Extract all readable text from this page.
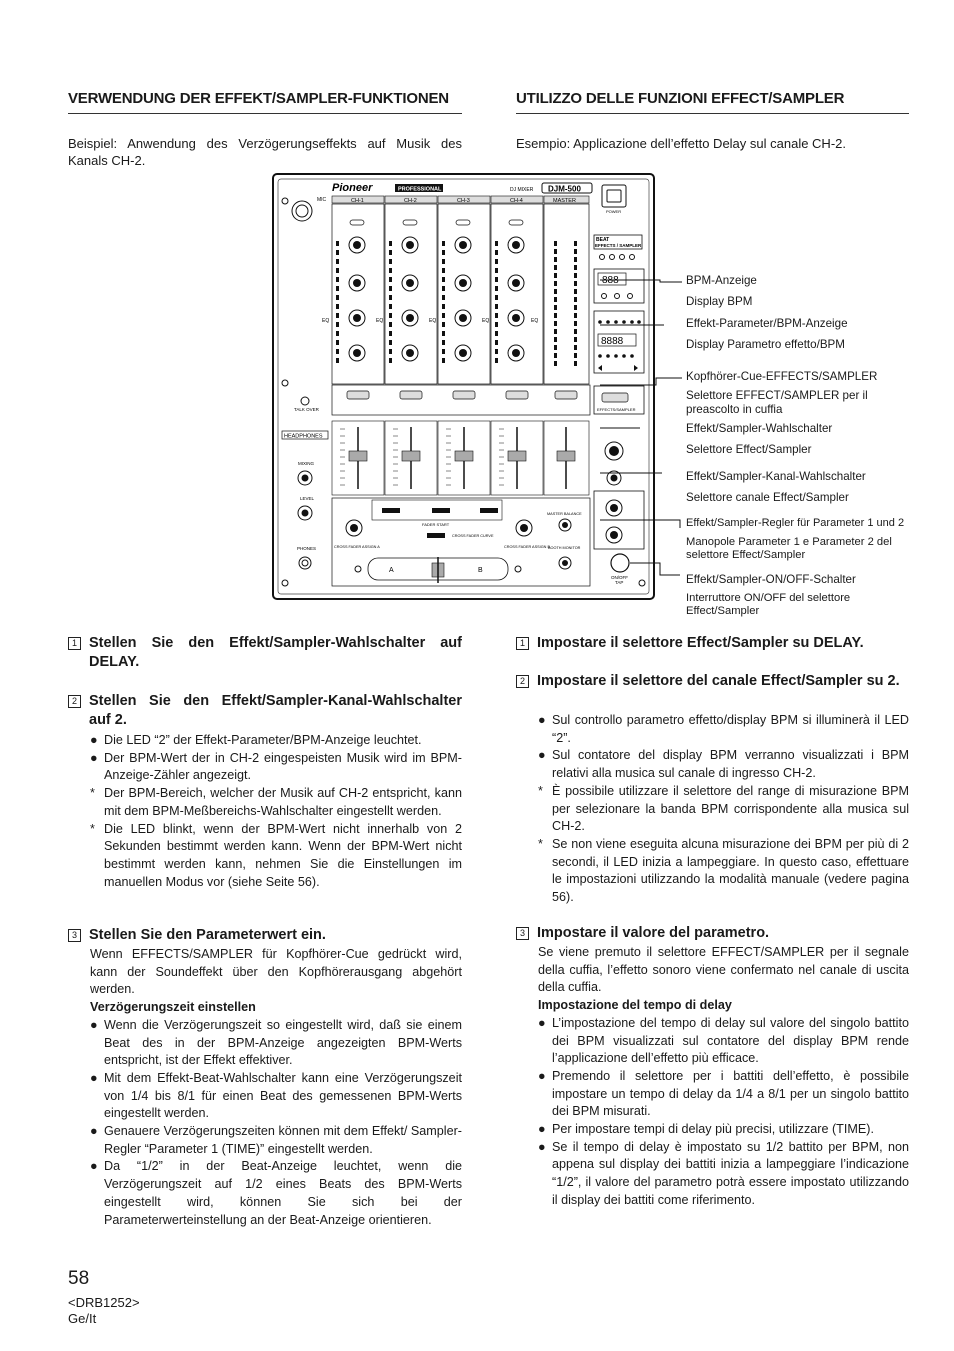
VERWENDUNG DER EFFEKT/SAMPLER-FUNKTIONEN
Beispiel: Anwendung des Verzögerungseffekts auf Musik des Kanals CH-2.
UTILIZZO DELLE FUNZIONI EFFECT/SAMPLER
Esempio: Applicazione dell’effetto Delay sul canale CH-2.
Pioneer	PROFESSIONAL	DJ MIXER DJM-500
POWER
MIC	CH-1	CH-2	CH-3	CH-4	MASTER
EQ	EQ	EQ	EQ	EQ
BEAT
EFFECTS / SAMPLER
888
8888
EFFECTS/SAMPLER
ON/OFF
TAP
TALK OVER
HEADPHONES
MIXING
LEVEL
PHONES	CROSS FADER ASSIGN A	CROSS FADER ASSIGN B
FADER START
CROSS FADER CURVE
A	B
MASTER BALANCE
BOOTH MONITOR
BPM-Anzeige
Display BPM
Effekt-Parameter/BPM-Anzeige
Display Parametro effetto/BPM
Kopfhörer-Cue-EFFECTS/SAMPLER
Selettore EFFECT/SAMPLER per il preascolto in cuffia
Effekt/Sampler-Wahlschalter
Selettore Effect/Sampler
Effekt/Sampler-Kanal-Wahlschalter
Selettore canale Effect/Sampler
Effekt/Sampler-Regler für Parameter 1 und 2
Manopole Parameter 1 e Parameter 2 del selettore Effect/Sampler
Effekt/Sampler-ON/OFF-Schalter
Interruttore ON/OFF del selettore Effect/Sampler
1 Stellen Sie den Effekt/Sampler-Wahlschalter auf DELAY.
2 Stellen Sie den Effekt/Sampler-Kanal-Wahlschalter auf 2.
● Die LED “2” der Effekt-Parameter/BPM-Anzeige leuchtet.
● Der BPM-Wert der in CH-2 eingespeisten Musik wird im BPM-Anzeige-Zähler angezeigt.
* Der BPM-Bereich, welcher der Musik auf CH-2 entspricht, kann mit dem BPM-Meßbereichs-Wahlschalter eingestellt werden.
* Die LED blinkt, wenn der BPM-Wert nicht innerhalb von 2 Sekunden bestimmt werden kann. Wenn der BPM-Wert nicht bestimmt werden kann, nehmen Sie die Einstellungen im manuellen Modus vor (siehe Seite 56).
3 Stellen Sie den Parameterwert ein.

Wenn EFFECTS/SAMPLER für Kopfhörer-Cue gedrückt wird, kann der Soundeffekt über den Kopfhörerausgang abgehört werden.

Verzögerungszeit einstellen

● Wenn die Verzögerungszeit so eingestellt wird, daß sie einem Beat des in der BPM-Anzeige angezeigten BPM-Werts entspricht, ist der Effekt effektiver.
● Mit dem Effekt-Beat-Wahlschalter kann eine Verzögerungszeit von 1/4 bis 8/1 für einen Beat des gemessenen BPM-Werts eingestellt werden.
● Genauere Verzögerungszeiten können mit dem Effekt/ Sampler-Regler “Parameter 1 (TIME)” eingestellt werden.
● Da “1/2” in der Beat-Anzeige leuchtet, wenn die Verzögerungszeit auf 1/2 eines Beats des BPM-Werts eingestellt wird, können Sie sich bei der Parameterwerteinstellung an der Beat-Anzeige orientieren.
1 Impostare il selettore Effect/Sampler su DELAY.
2 Impostare il selettore del canale Effect/Sampler su 2.
● Sul controllo parametro effetto/display BPM si illuminerà il LED “2”.
● Sul contatore del display BPM verranno visualizzati i BPM relativi alla musica sul canale di ingresso CH-2.
* È possibile utilizzare il selettore del range di misurazione BPM per selezionare la banda BPM corrispondente alla musica sul CH-2.
* Se non viene eseguita alcuna misurazione dei BPM per più di 2 secondi, il LED inizia a lampeggiare. In questo caso, effettuare le impostazioni utilizzando la modalità manuale (vedere pagina 56).
3 Impostare il valore del parametro.

Se viene premuto il selettore EFFECT/SAMPLER per il segnale della cuffia, l’effetto sonoro viene confermato nel canale di uscita della cuffia.

Impostazione del tempo di delay

● L’impostazione del tempo di delay sul valore del singolo battito dei BPM visualizzati sul contatore del display BPM rende l’applicazione dell’effetto più efficace.
● Premendo il selettore per i battiti dell’effetto, è possibile impostare un tempo di delay da 1/4 a 8/1 per un singolo battito dei BPM misurati.
● Per impostare tempi di delay più precisi, utilizzare (TIME).
● Se il tempo di delay è impostato su 1/2 battito per BPM, non appena sul display dei battiti inizia a lampeggiare l’indicazione “1/2”, il valore del parametro potrà essere impostato utilizzando il display dei battiti come riferimento.
58
<DRB1252>
Ge/It
